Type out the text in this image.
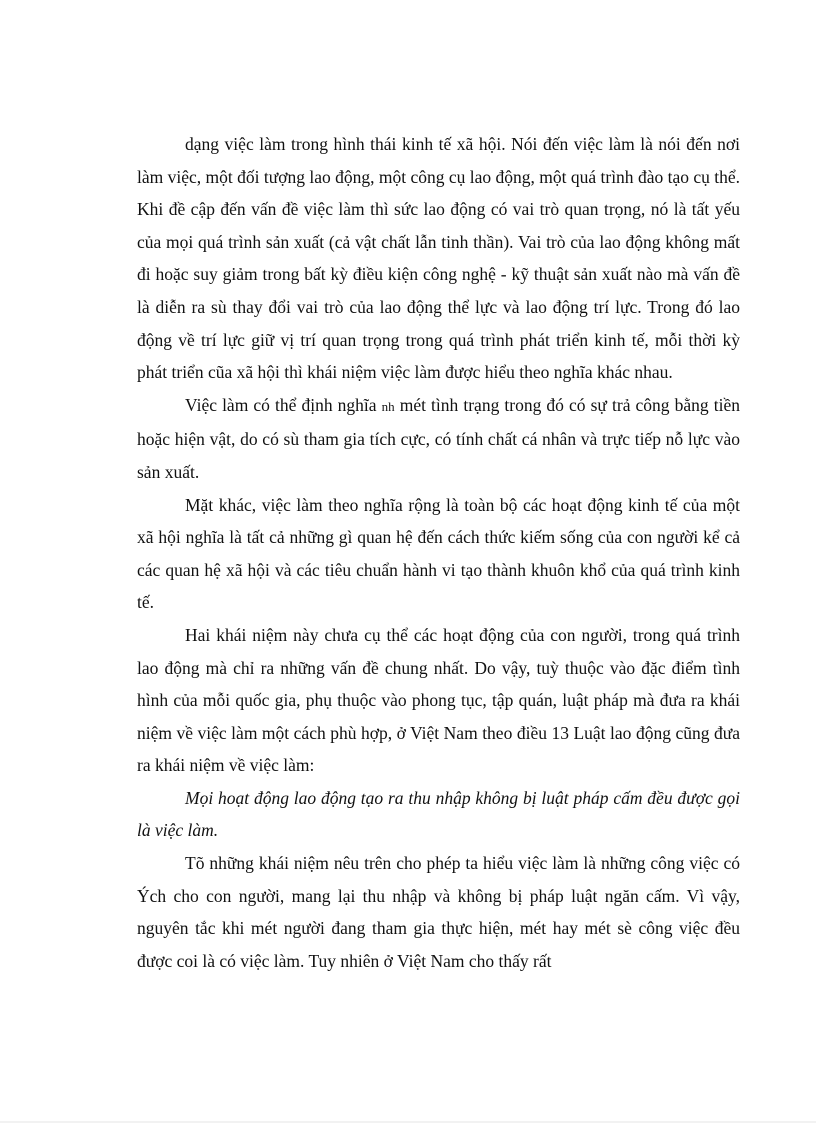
dạng việc làm trong hình thái kinh tế xã hội. Nói đến việc làm là nói đến nơi làm việc, một đối tượng lao động, một công cụ lao động, một quá trình đào tạo cụ thể. Khi đề cập đến vấn đề việc làm thì sức lao động có vai trò quan trọng, nó là tất yếu của mọi quá trình sản xuất (cả vật chất lẫn tinh thần). Vai trò của lao động không mất đi hoặc suy giảm trong bất kỳ điều kiện công nghệ - kỹ thuật sản xuất nào mà vấn đề là diễn ra sù thay đổi vai trò của lao động thể lực và lao động trí lực. Trong đó lao động về trí lực giữ vị trí quan trọng trong quá trình phát triển kinh tế, mỗi thời kỳ phát triển cũa xã hội thì khái niệm việc làm được hiểu theo nghĩa khác nhau.

Việc làm có thể định nghĩa nh mét tình trạng trong đó có sự trả công bằng tiền hoặc hiện vật, do có sù tham gia tích cực, có tính chất cá nhân và trực tiếp nỗ lực vào sản xuất.

Mặt khác, việc làm theo nghĩa rộng là toàn bộ các hoạt động kinh tế của một xã hội nghĩa là tất cả những gì quan hệ đến cách thức kiếm sống của con người kể cả các quan hệ xã hội và các tiêu chuẩn hành vi tạo thành khuôn khổ của quá trình kinh tế.

Hai khái niệm này chưa cụ thể các hoạt động của con người, trong quá trình lao động mà chỉ ra những vấn đề chung nhất. Do vậy, tuỳ thuộc vào đặc điểm tình hình của mỗi quốc gia, phụ thuộc vào phong tục, tập quán, luật pháp mà đưa ra khái niệm về việc làm một cách phù hợp, ở Việt Nam theo điều 13 Luật lao động cũng đưa ra khái niệm về việc làm:

Mọi hoạt động lao động tạo ra thu nhập không bị luật pháp cấm đều được gọi là việc làm.

Tõ những khái niệm nêu trên cho phép ta hiểu việc làm là những công việc có Ých cho con người, mang lại thu nhập và không bị pháp luật ngăn cấm. Vì vậy, nguyên tắc khi mét người đang tham gia thực hiện, mét hay mét sè công việc đều được coi là có việc làm. Tuy nhiên ở Việt Nam cho thấy rất
